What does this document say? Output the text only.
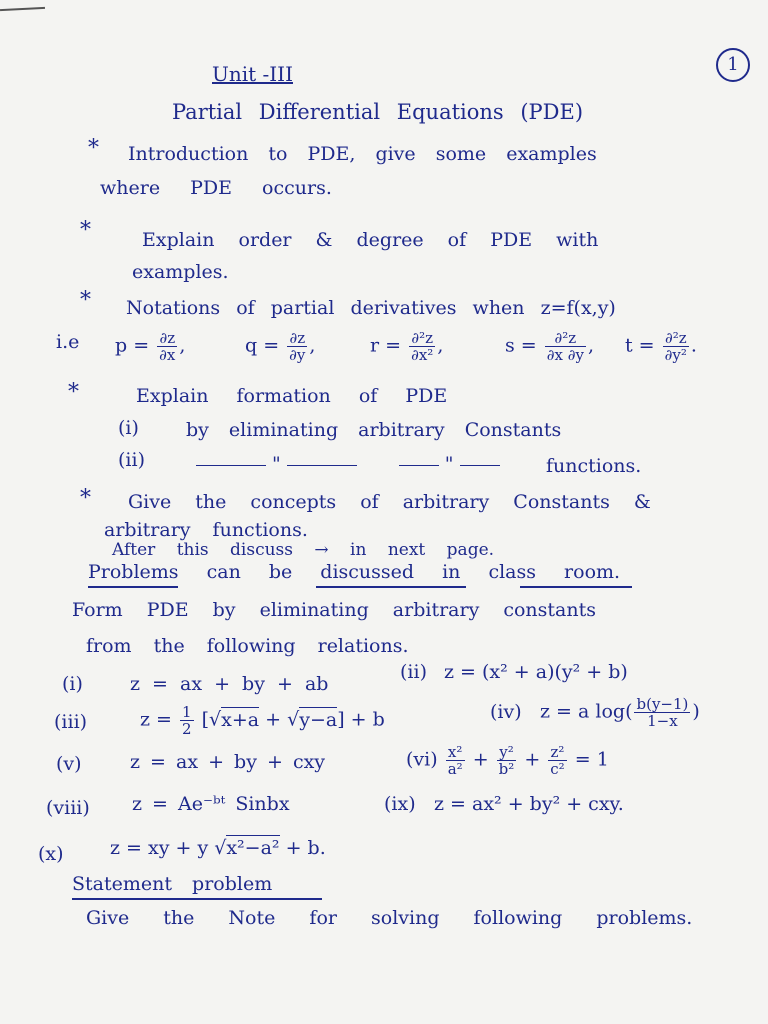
1
Unit -III
Partial Differential Equations (PDE)
* Introduction to PDE, give some examples
where PDE occurs.
*	Explain order & degree of PDE with
examples.
* Notations of partial derivatives when z=f(x,y)
i.e $p = \frac{\partial z}{\partial x}$ ,	$q = \frac{\partial z}{\partial y}$ ,	$r = \frac{\text{∂²z}}{\text{∂x²}}$ ,	$s = \frac{\text{∂²z}}{\partial x \partial y}$ , $t = \frac{\text{∂²z}}{\text{∂y²}}$ .
*	Explain formation of PDE
(i) by eliminating arbitrary Constants
(ii)	"	"	functions.
* Give the concepts of arbitrary Constants &
arbitrary functions.
After this discuss → in next page.
Problems can be discussed in class room.
Form PDE by eliminating arbitrary constants
from the following relations.
(i) z = ax + by + ab
(ii) z = (x² + a)(y² + b)
(iii)	$z = \frac{1}{2} [√x+a + √y-a] + b$	(iv) z = a $\log( \frac{b(y-1)}{1-x}$ )
(v)	z = ax + by + cxy	$(vi) \frac{\text{x²}}{\text{a²}} + \frac{\text{y²}}{\text{b²}} + \frac{\text{z²}}{\text{c²}} = 1$
(viii) z = Ae⁻ᵇᵗ Sinbx	(ix) z = ax² + by² + cxy.
(x) z = xy + y √x²−a² + b.
Statement problem
Give the Note for solving following problems.
